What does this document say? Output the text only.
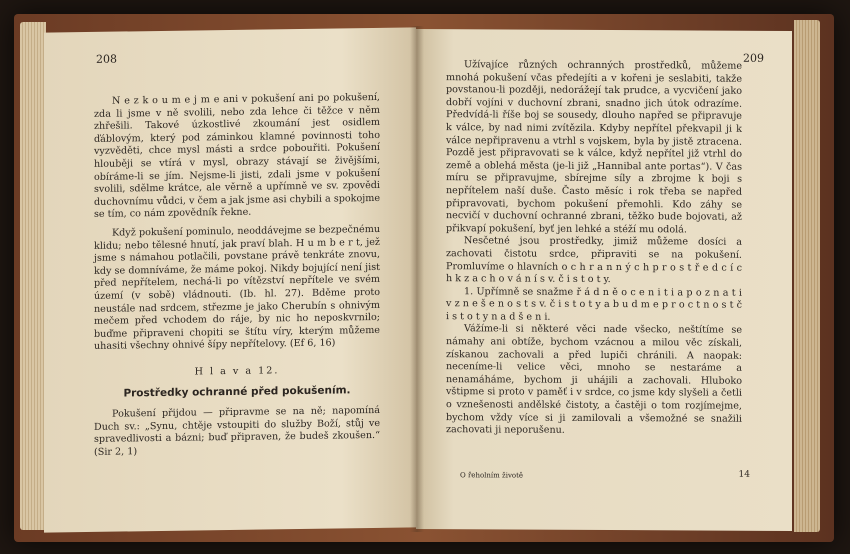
208

N e z k o u m e j m e ani v pokušení ani po pokušení, zda li jsme v ně svolili, nebo zda lehce či těžce v něm zhřešili. Takové úzkostlivé zkoumání jest osidlem ďáblovým, který pod záminkou klamné povinnosti toho vyzvěděti, chce mysl másti a srdce pobouřiti. Pokušení hlouběji se vtírá v mysl, obrazy stávají se živějšími, obíráme-li se jím. Nejsme-li jisti, zdali jsme v pokušení svolili, sdělme krátce, ale věrně a upřímně ve sv. zpovědi duchovnímu vůdci, v čem a jak jsme asi chybili a spokojme se tím, co nám zpovědník řekne.

Když pokušení pominulo, neoddávejme se bezpečnému klidu; nebo tělesné hnutí, jak praví blah. H u m b e r t, jež jsme s námahou potlačili, povstane právě tenkráte znovu, kdy se domníváme, že máme pokoj. Nikdy bojující není jist před nepřítelem, nechá-li po vítězství nepřítele ve svém území (v sobě) vládnouti. (Ib. hl. 27). Bděme proto neustále nad srdcem, střezme je jako Cherubín s ohnivým mečem před vchodem do ráje, by nic ho neposkvrnilo; buďme připraveni chopiti se štítu víry, kterým můžeme uhasiti všechny ohnivé šípy nepřítelovy. (Ef 6, 16)

H l a v a 12.
Prostředky ochranné před pokušením.

Pokušení přijdou — připravme se na ně; napomíná Duch sv.: „Synu, chtěje vstoupiti do služby Boží, stůj ve spravedlivosti a bázni; buď připraven, že budeš zkoušen.“ (Sir 2, 1)

209

Užívajíce různých ochranných prostředků, můžeme mnohá pokušení včas předejíti a v kořeni je seslabiti, takže povstanou-li později, nedorážejí tak prudce, a vycvičení jako dobří vojíni v duchovní zbrani, snadno jich útok odrazíme. Předvídá-li říše boj se sousedy, dlouho napřed se připravuje k válce, by nad nimi zvítězila. Kdyby nepřítel překvapil ji k válce nepřipravenu a vtrhl s vojskem, byla by jistě ztracena. Pozdě jest připravovati se k válce, když nepřítel již vtrhl do země a oblehá města (je-li již „Hannibal ante portas“). V čas míru se připravujme, sbírejme síly a zbrojme k boji s nepřítelem naší duše. Často měsíc i rok třeba se napřed připravovati, bychom pokušení přemohli. Kdo záhy se necvičí v duchovní ochranné zbrani, těžko bude bojovati, až přikvapí pokušení, byť jen lehké a stéží mu odolá.

Nesčetné jsou prostředky, jimiž můžeme dosíci a zachovati čistotu srdce, připraviti se na pokušení. Promluvíme o hlavních o c h r a n n ý c h p r o s t ř e d c í c h k z a c h o v á n í s v. č i s t o t y.

1. Upřímně se snažme ř á d n ě o c e n i t i a p o z n a t i v z n e š e n o s t s v. č i s t o t y a b u d m e p r o c t n o s t č i s t o t y n a d š e n i.

Vážíme-li si některé věci nade všecko, neštítíme se námahy ani obtíže, bychom vzácnou a milou věc získali, získanou zachovali a před lupiči chránili. A naopak: neceníme-li velice věci, mnoho se nestaráme a nenamáháme, bychom ji uhájili a zachovali. Hluboko vštipme si proto v paměť i v srdce, co jsme kdy slyšeli a četli o vznešenosti andělské čistoty, a častěji o tom rozjímejme, bychom vždy více si ji zamilovali a všemožné se snažili zachovati ji neporušenu.

O řeholním životě	14
